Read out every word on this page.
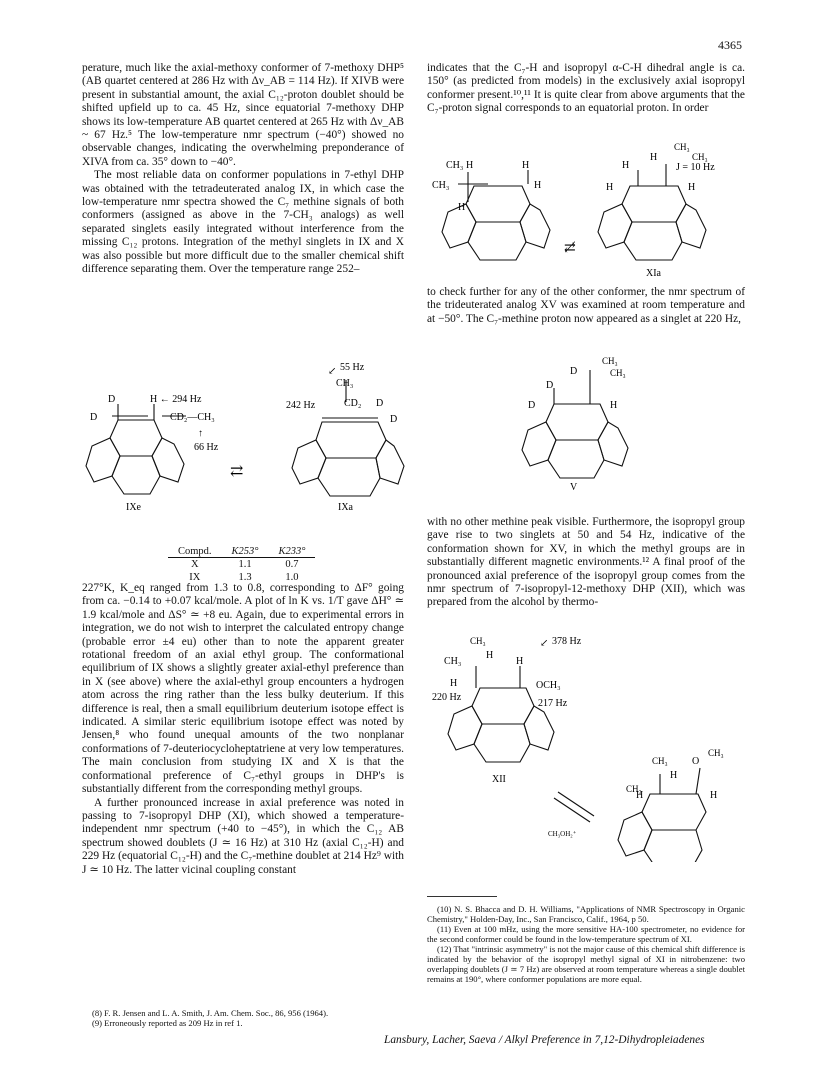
4365

perature, much like the axial-methoxy conformer of 7-methoxy DHP⁵ (AB quartet centered at 286 Hz with Δν_AB = 114 Hz). If XIVB were present in substantial amount, the axial C₁₂-proton doublet should be shifted upfield up to ca. 45 Hz, since equatorial 7-methoxy DHP shows its low-temperature AB quartet centered at 265 Hz with Δν_AB ~ 67 Hz.⁵ The low-temperature nmr spectrum (−40°) showed no observable changes, indicating the overwhelming preponderance of XIVA from ca. 35° down to −40°.

The most reliable data on conformer populations in 7-ethyl DHP was obtained with the tetradeuterated analog IX, in which case the low-temperature nmr spectra showed the C₇ methine signals of both conformers (assigned as above in the 7-CH₃ analogs) as well separated singlets easily integrated without interference from the missing C₁₂ protons. Integration of the methyl singlets in IX and X was also possible but more difficult due to the smaller chemical shift difference separating them. Over the temperature range 252–

D
D
H ← 294 Hz
CD₂—CH₃
↑
66 Hz
IXe
⇄
↙ 55 Hz
CH₃
242 Hz	CD₂ D
D
IXa
Compd.	K253°	K233°
X	1.1	0.7
IX	1.3	1.0

227°K, K_eq ranged from 1.3 to 0.8, corresponding to ΔF° going from ca. −0.14 to +0.07 kcal/mole. A plot of ln K vs. 1/T gave ΔH° ≃ 1.9 kcal/mole and ΔS° ≃ +8 eu. Again, due to experimental errors in integration, we do not wish to interpret the calculated entropy change (probable error ±4 eu) other than to note the apparent greater rotational freedom of an axial ethyl group. The conformational equilibrium of IX shows a slightly greater axial-ethyl preference than in X (see above) where the axial-ethyl group encounters a hydrogen atom across the ring rather than the less bulky deuterium. If this difference is real, then a small equilibrium deuterium isotope effect is indicated. A similar steric equilibrium isotope effect was noted by Jensen,⁸ who found unequal amounts of the two nonplanar conformations of 7-deuteriocycloheptatriene at very low temperatures. The main conclusion from studying IX and X is that the conformational preference of C₇-ethyl groups in DHP's is substantially different from the corresponding methyl groups.

A further pronounced increase in axial preference was noted in passing to 7-isopropyl DHP (XI), which showed a temperature-independent nmr spectrum (+40 to −45°), in which the C₁₂ AB spectrum showed doublets (J ≃ 16 Hz) at 310 Hz (axial C₁₂-H) and 229 Hz (equatorial C₁₂-H) and the C₇-methine doublet at 214 Hz⁹ with J ≃ 10 Hz. The latter vicinal coupling constant

(8) F. R. Jensen and L. A. Smith, J. Am. Chem. Soc., 86, 956 (1964).

(9) Erroneously reported as 209 Hz in ref 1.

indicates that the C₇-H and isopropyl α-C-H dihedral angle is ca. 150° (as predicted from models) in the exclusively axial isopropyl conformer present.¹⁰,¹¹ It is quite clear from above arguments that the C₇-proton signal corresponds to an equatorial proton. In order

CH₃ H	H
CH₃	H
H
⇄̸
H
H
CH₃
CH₃
J = 10 Hz
H	H
XIa

to check further for any of the other conformer, the nmr spectrum of the trideuterated analog XV was examined at room temperature and at −50°. The C₇-methine proton now appeared as a singlet at 220 Hz,

CH₃
D	CH₃
D
D	H
V

with no other methine peak visible. Furthermore, the isopropyl group gave rise to two singlets at 50 and 54 Hz, indicative of the conformation shown for XV, in which the methyl groups are in substantially different magnetic environments.¹² A final proof of the pronounced axial preference of the isopropyl group comes from the nmr spectrum of 7-isopropyl-12-methoxy DHP (XII), which was prepared from the alcohol by thermo-

CH₃	↙ 378 Hz
CH₃
H
H
H
220 Hz
OCH₃
217 Hz
XII
CH₃OH₂⁺
CH₃
CH₃
H
O
CH₃
H	H

(10) N. S. Bhacca and D. H. Williams, "Applications of NMR Spectroscopy in Organic Chemistry," Holden-Day, Inc., San Francisco, Calif., 1964, p 50.

(11) Even at 100 mHz, using the more sensitive HA-100 spectrometer, no evidence for the second conformer could be found in the low-temperature spectrum of XI.

(12) That "intrinsic asymmetry" is not the major cause of this chemical shift difference is indicated by the behavior of the isopropyl methyl signal of XI in nitrobenzene: two overlapping doublets (J ≃ 7 Hz) are observed at room temperature whereas a single doublet remains at 190°, where conformer populations are more equal.

Lansbury, Lacher, Saeva / Alkyl Preference in 7,12-Dihydropleiadenes
